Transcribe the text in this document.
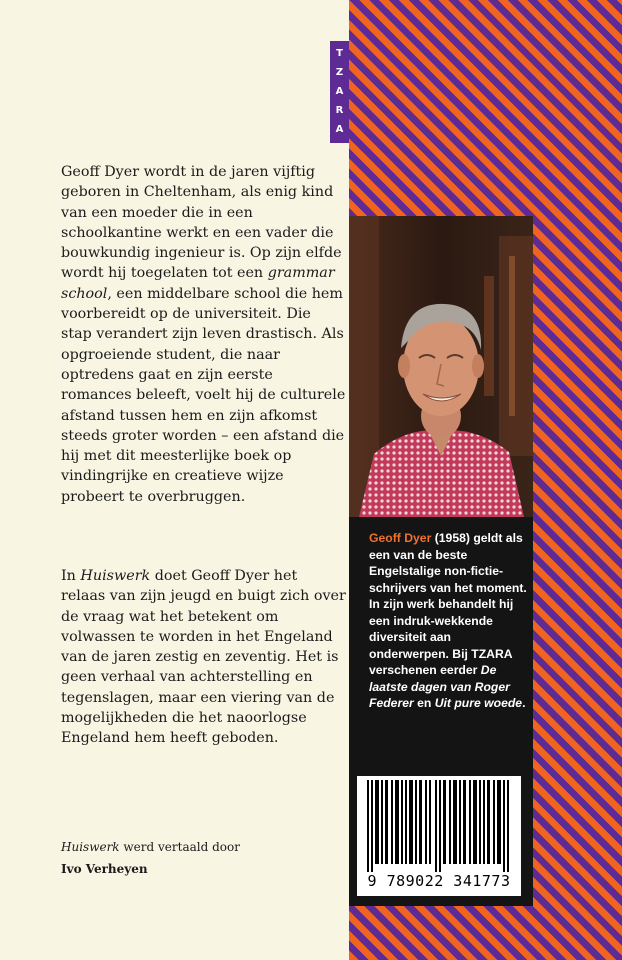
T
Z
A
R
A

Geoff Dyer wordt in de jaren vijftig geboren in Cheltenham, als enig kind van een moeder die in een schoolkantine werkt en een vader die bouwkundig ingenieur is. Op zijn elfde wordt hij toegelaten tot een grammar school, een middelbare school die hem voorbereidt op de universiteit. Die stap verandert zijn leven drastisch. Als opgroeiende student, die naar optredens gaat en zijn eerste romances beleeft, voelt hij de culturele afstand tussen hem en zijn afkomst steeds groter worden – een afstand die hij met dit meesterlijke boek op vindingrijke en creatieve wijze probeert te overbruggen.

In Huiswerk doet Geoff Dyer het relaas van zijn jeugd en buigt zich over de vraag wat het betekent om volwassen te worden in het Engeland van de jaren zestig en zeventig. Het is geen verhaal van achterstelling en tegenslagen, maar een viering van de mogelijkheden die het naoorlogse Engeland hem heeft geboden.

Huiswerk werd vertaald door
Ivo Verheyen

Geoff Dyer (1958) geldt als een van de beste Engelstalige non-fictie-schrijvers van het moment. In zijn werk behandelt hij een indruk-wekkende diversiteit aan onderwerpen. Bij TZARA verschenen eerder De laatste dagen van Roger Federer en Uit pure woede.

9 789022 341773
